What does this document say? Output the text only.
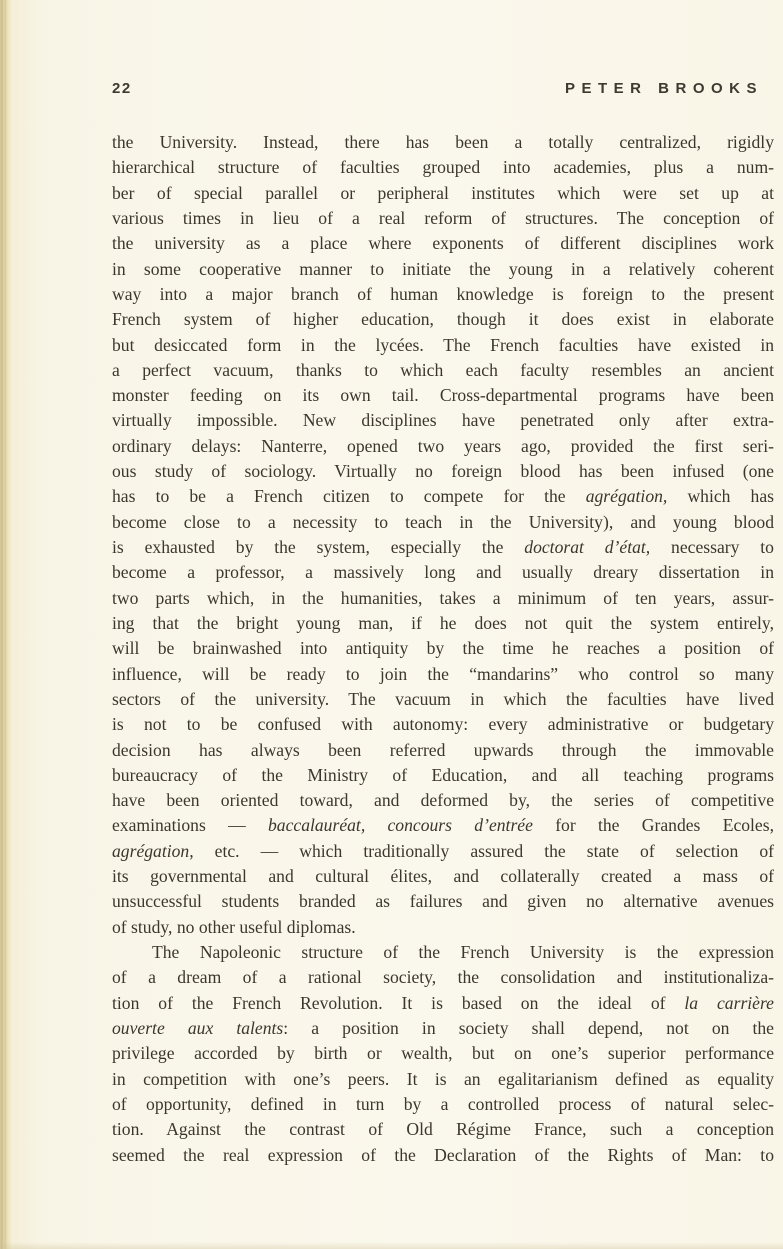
22	PETER BROOKS
the University. Instead, there has been a totally centralized, rigidly
hierarchical structure of faculties grouped into academies, plus a num-
ber of special parallel or peripheral institutes which were set up at
various times in lieu of a real reform of structures. The conception of
the university as a place where exponents of different disciplines work
in some cooperative manner to initiate the young in a relatively coherent
way into a major branch of human knowledge is foreign to the present
French system of higher education, though it does exist in elaborate
but desiccated form in the lycées. The French faculties have existed in
a perfect vacuum, thanks to which each faculty resembles an ancient
monster feeding on its own tail. Cross-departmental programs have been
virtually impossible. New disciplines have penetrated only after extra-
ordinary delays: Nanterre, opened two years ago, provided the first seri-
ous study of sociology. Virtually no foreign blood has been infused (one
has to be a French citizen to compete for the agrégation, which has
become close to a necessity to teach in the University), and young blood
is exhausted by the system, especially the doctorat d’état, necessary to
become a professor, a massively long and usually dreary dissertation in
two parts which, in the humanities, takes a minimum of ten years, assur-
ing that the bright young man, if he does not quit the system entirely,
will be brainwashed into antiquity by the time he reaches a position of
influence, will be ready to join the “mandarins” who control so many
sectors of the university. The vacuum in which the faculties have lived
is not to be confused with autonomy: every administrative or budgetary
decision has always been referred upwards through the immovable
bureaucracy of the Ministry of Education, and all teaching programs
have been oriented toward, and deformed by, the series of competitive
examinations — baccalauréat, concours d’entrée for the Grandes Ecoles,
agrégation, etc. — which traditionally assured the state of selection of
its governmental and cultural élites, and collaterally created a mass of
unsuccessful students branded as failures and given no alternative avenues
of study, no other useful diplomas.
The Napoleonic structure of the French University is the expression
of a dream of a rational society, the consolidation and institutionaliza-
tion of the French Revolution. It is based on the ideal of la carrière
ouverte aux talents: a position in society shall depend, not on the
privilege accorded by birth or wealth, but on one’s superior performance
in competition with one’s peers. It is an egalitarianism defined as equality
of opportunity, defined in turn by a controlled process of natural selec-
tion. Against the contrast of Old Régime France, such a conception
seemed the real expression of the Declaration of the Rights of Man: to
